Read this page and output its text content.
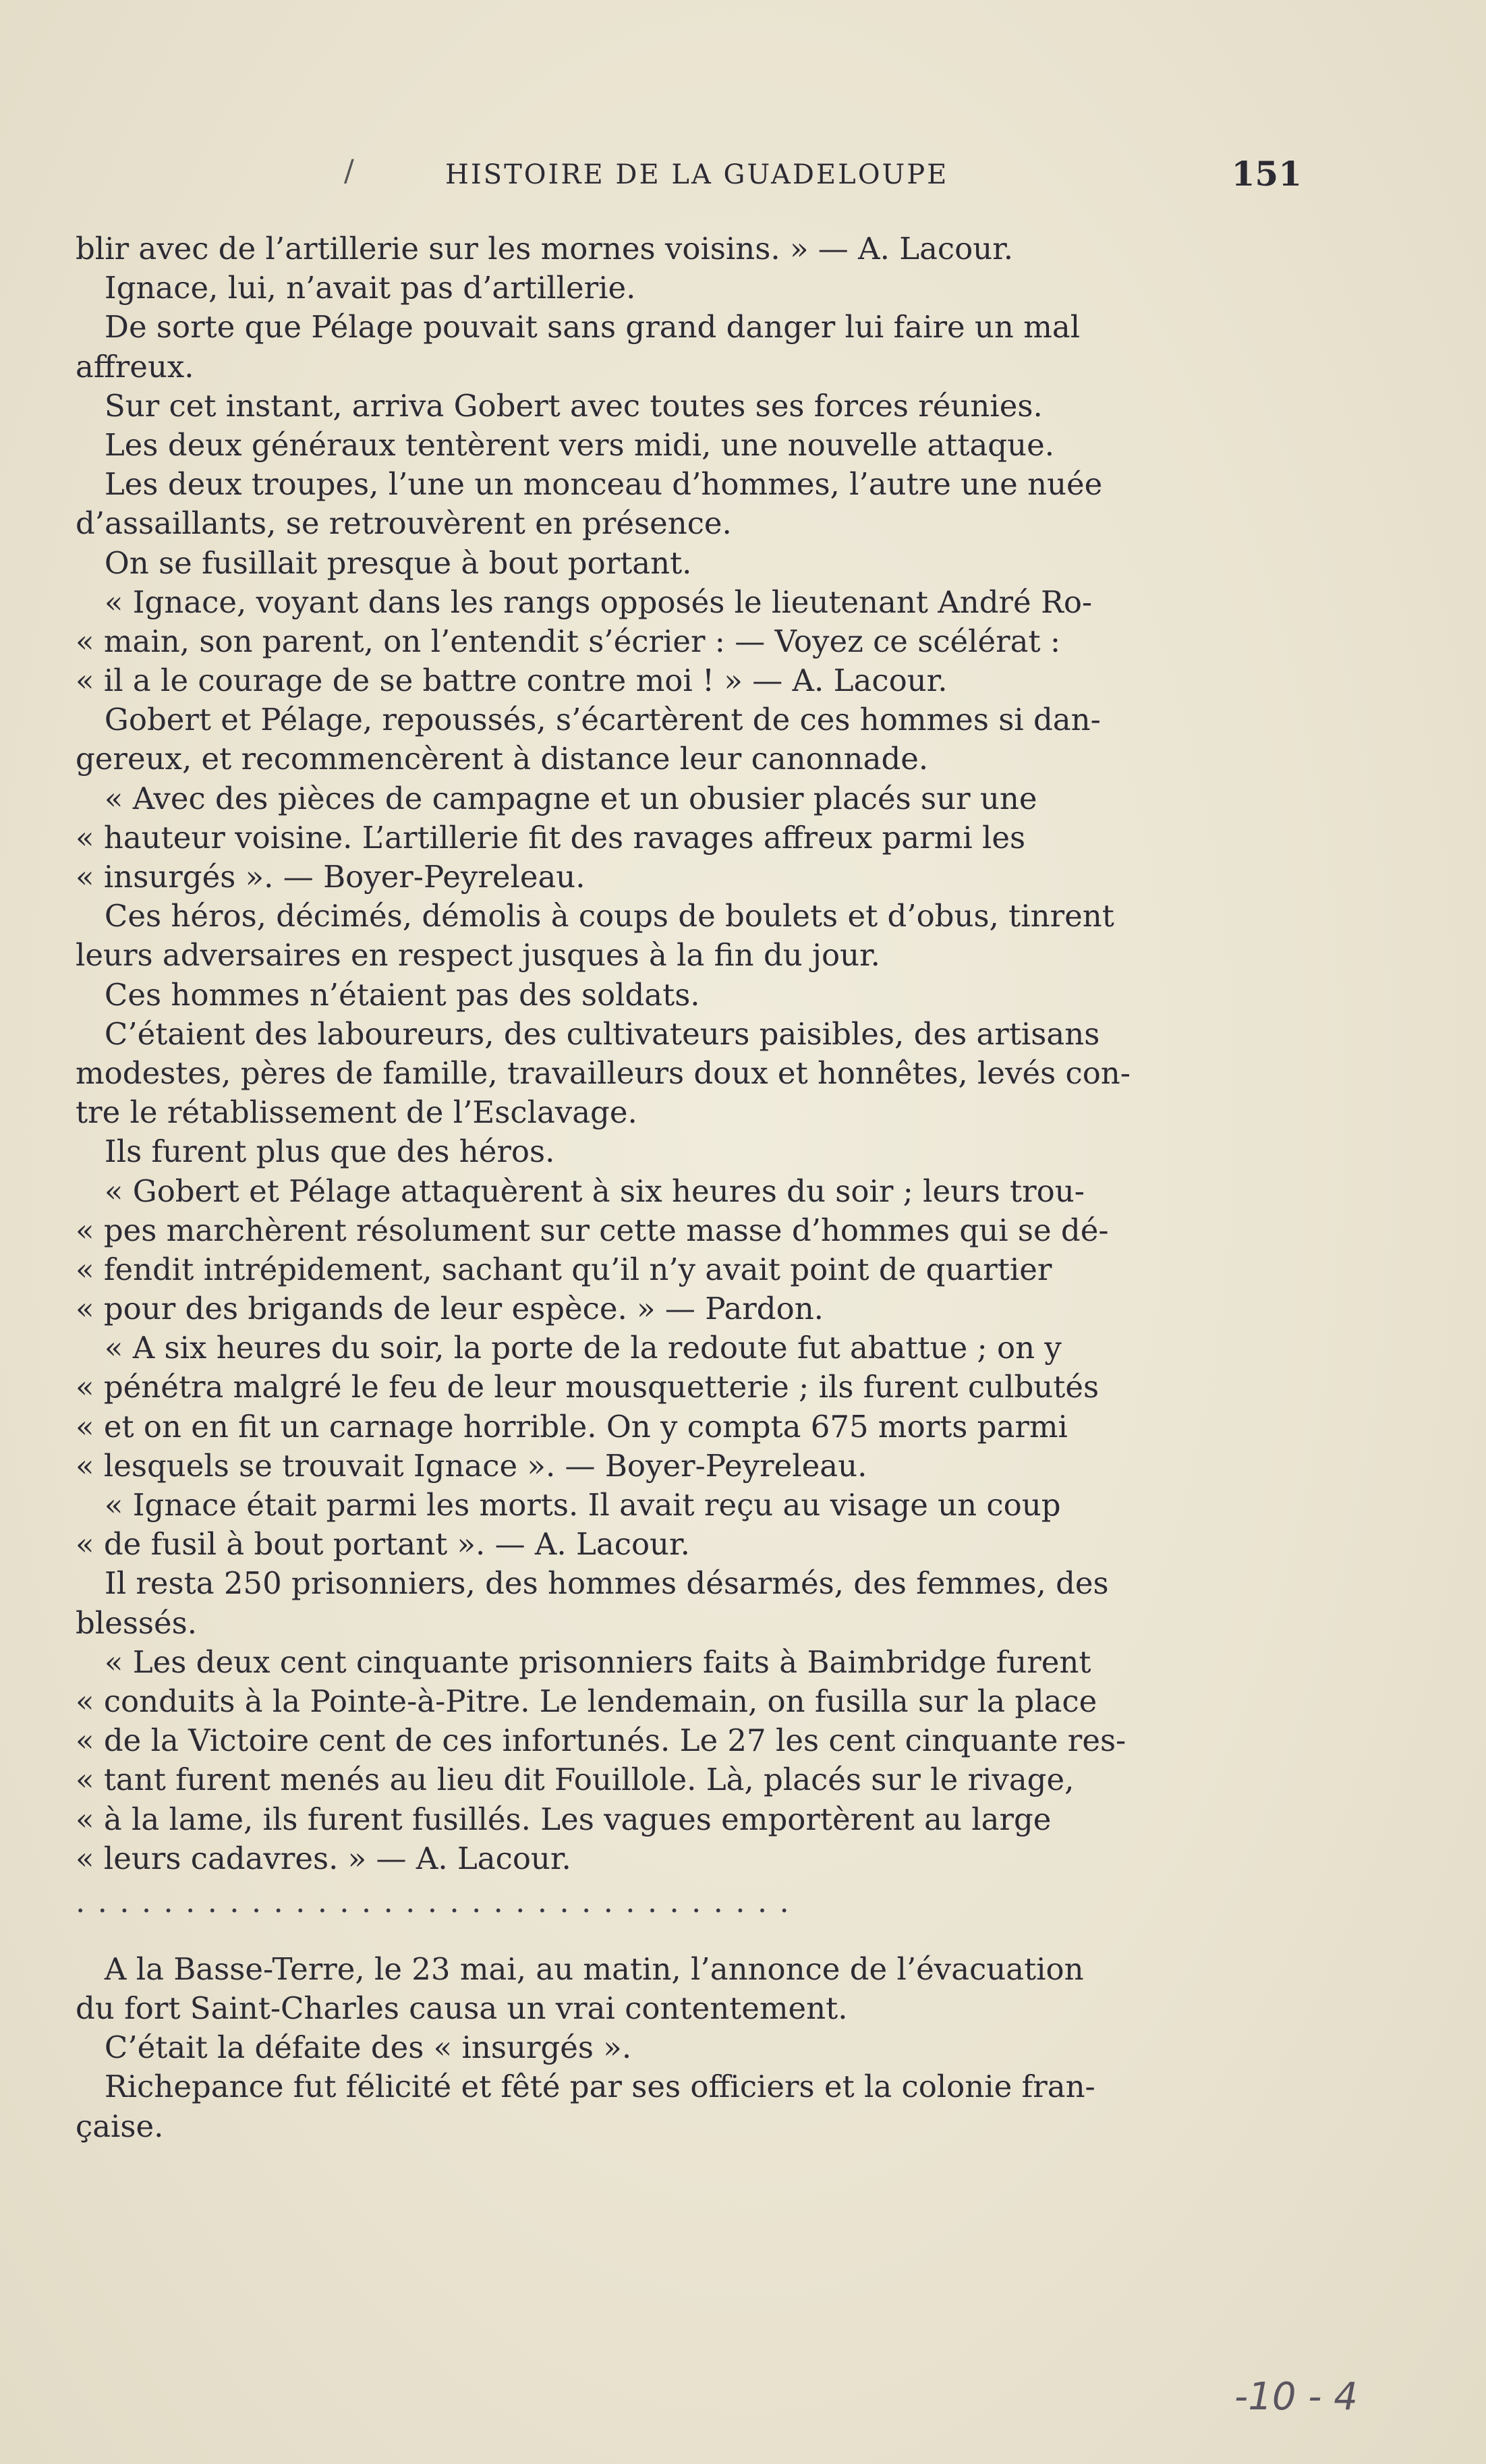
/	HISTOIRE DE LA GUADELOUPE	151
blir avec de l’artillerie sur les mornes voisins. » — A. Lacour.
Ignace, lui, n’avait pas d’artillerie.
De sorte que Pélage pouvait sans grand danger lui faire un mal
affreux.
Sur cet instant, arriva Gobert avec toutes ses forces réunies.
Les deux généraux tentèrent vers midi, une nouvelle attaque.
Les deux troupes, l’une un monceau d’hommes, l’autre une nuée
d’assaillants, se retrouvèrent en présence.
On se fusillait presque à bout portant.
« Ignace, voyant dans les rangs opposés le lieutenant André Ro-
« main, son parent, on l’entendit s’écrier : — Voyez ce scélérat :
« il a le courage de se battre contre moi ! » — A. Lacour.
Gobert et Pélage, repoussés, s’écartèrent de ces hommes si dan-
gereux, et recommencèrent à distance leur canonnade.
« Avec des pièces de campagne et un obusier placés sur une
« hauteur voisine. L’artillerie fit des ravages affreux parmi les
« insurgés ». — Boyer-Peyreleau.
Ces héros, décimés, démolis à coups de boulets et d’obus, tinrent
leurs adversaires en respect jusques à la fin du jour.
Ces hommes n’étaient pas des soldats.
C’étaient des laboureurs, des cultivateurs paisibles, des artisans
modestes, pères de famille, travailleurs doux et honnêtes, levés con-
tre le rétablissement de l’Esclavage.
Ils furent plus que des héros.
« Gobert et Pélage attaquèrent à six heures du soir ; leurs trou-
« pes marchèrent résolument sur cette masse d’hommes qui se dé-
« fendit intrépidement, sachant qu’il n’y avait point de quartier
« pour des brigands de leur espèce. » — Pardon.
« A six heures du soir, la porte de la redoute fut abattue ; on y
« pénétra malgré le feu de leur mousquetterie ; ils furent culbutés
« et on en fit un carnage horrible. On y compta 675 morts parmi
« lesquels se trouvait Ignace ». — Boyer-Peyreleau.
« Ignace était parmi les morts. Il avait reçu au visage un coup
« de fusil à bout portant ». — A. Lacour.
Il resta 250 prisonniers, des hommes désarmés, des femmes, des
blessés.
« Les deux cent cinquante prisonniers faits à Baimbridge furent
« conduits à la Pointe-à-Pitre. Le lendemain, on fusilla sur la place
« de la Victoire cent de ces infortunés. Le 27 les cent cinquante res-
« tant furent menés au lieu dit Fouillole. Là, placés sur le rivage,
« à la lame, ils furent fusillés. Les vagues emportèrent au large
« leurs cadavres. » — A. Lacour.
. . . . . . . . . . . . . . . . . . . . . . . . . . . . . . . . .
A la Basse-Terre, le 23 mai, au matin, l’annonce de l’évacuation
du fort Saint-Charles causa un vrai contentement.
C’était la défaite des « insurgés ».
Richepance fut félicité et fêté par ses officiers et la colonie fran-
çaise.
-10 - 4
